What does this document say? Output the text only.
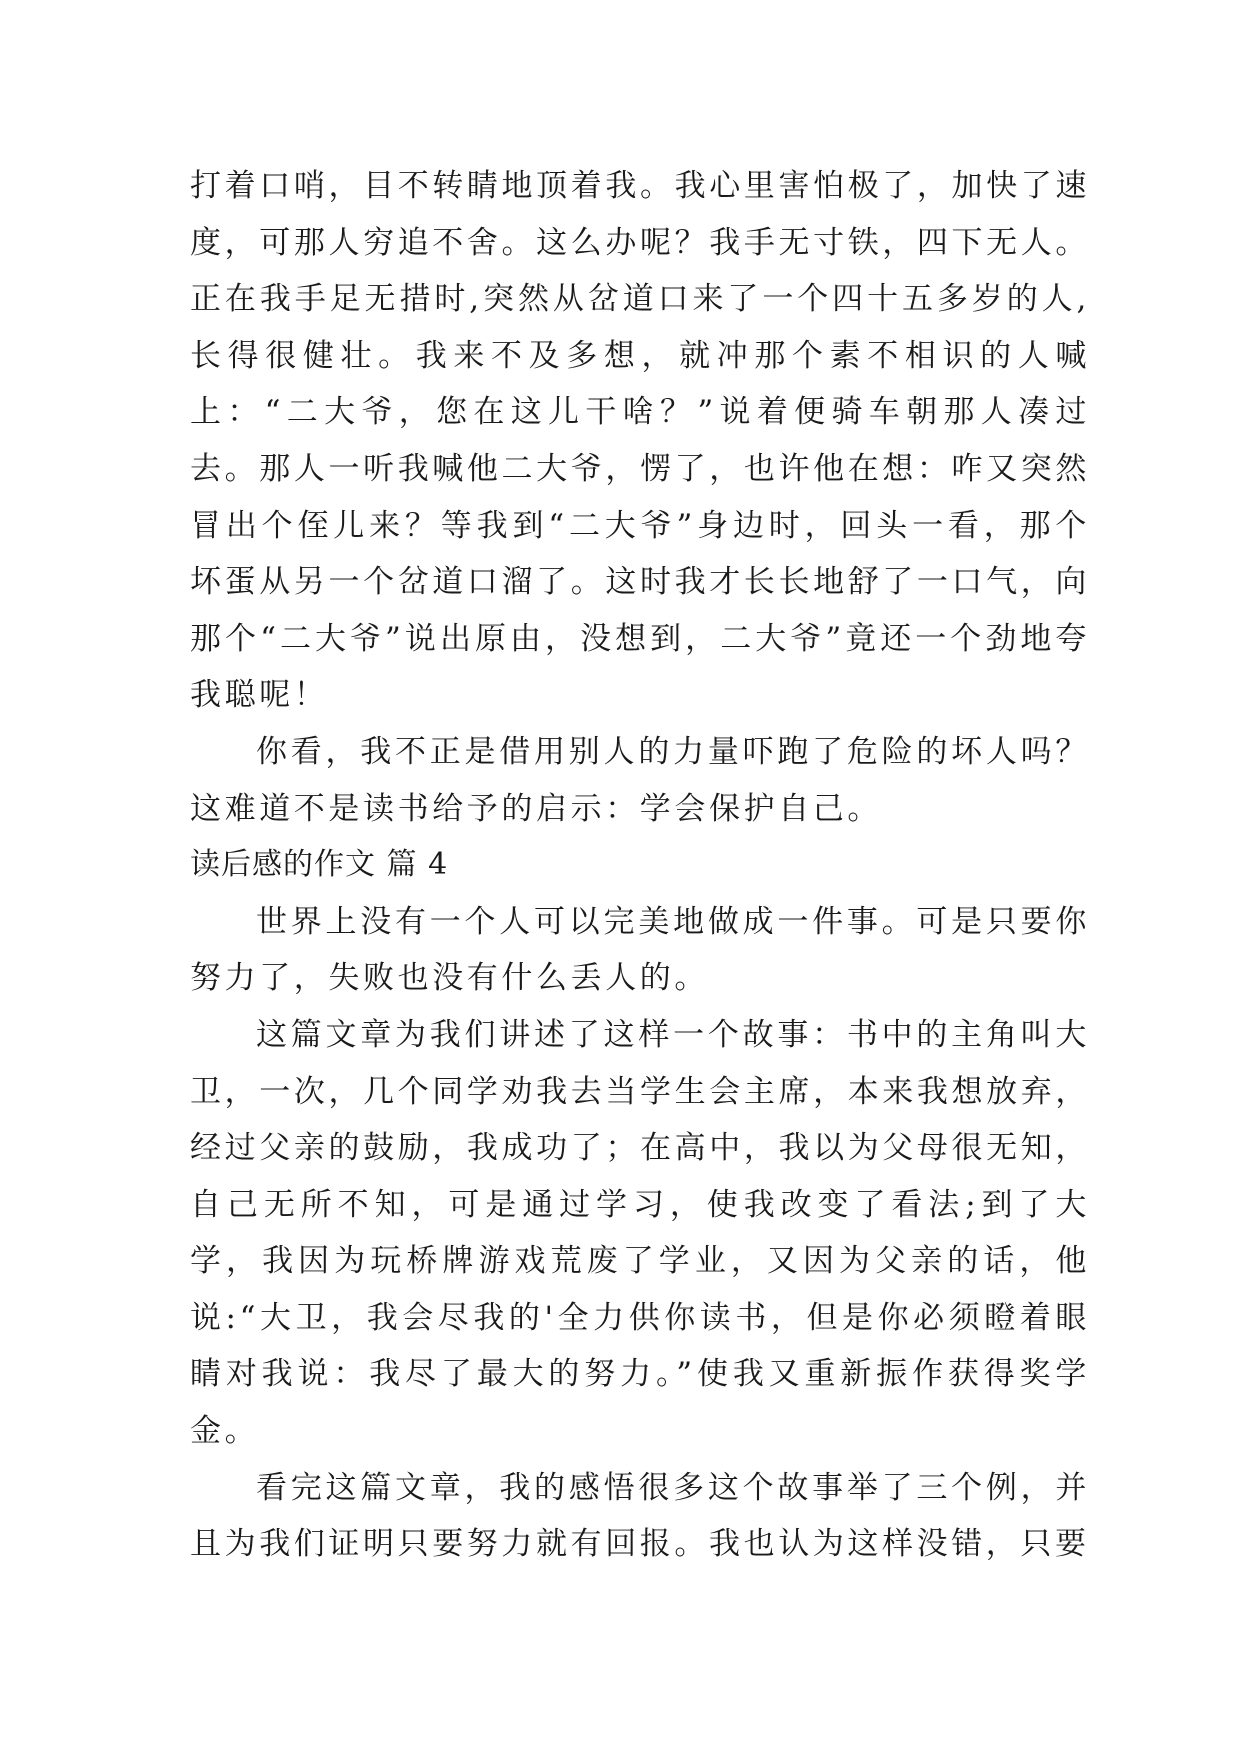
打着口哨，目不转睛地顶着我。我心里害怕极了，加快了速度，可那人穷追不舍。这么办呢？我手无寸铁，四下无人。正在我手足无措时,突然从岔道口来了一个四十五多岁的人,长得很健壮。我来不及多想，就冲那个素不相识的人喊上：“二大爷，您在这儿干啥？”说着便骑车朝那人凑过去。那人一听我喊他二大爷，愣了，也许他在想：咋又突然冒出个侄儿来？等我到“二大爷”身边时，回头一看，那个坏蛋从另一个岔道口溜了。这时我才长长地舒了一口气，向那个“二大爷”说出原由，没想到，二大爷”竟还一个劲地夸我聪呢！

你看，我不正是借用别人的力量吓跑了危险的坏人吗？这难道不是读书给予的启示：学会保护自己。

读后感的作文 篇 4

世界上没有一个人可以完美地做成一件事。可是只要你努力了，失败也没有什么丢人的。

这篇文章为我们讲述了这样一个故事：书中的主角叫大卫，一次，几个同学劝我去当学生会主席，本来我想放弃，经过父亲的鼓励，我成功了；在高中，我以为父母很无知，自己无所不知，可是通过学习，使我改变了看法;到了大学，我因为玩桥牌游戏荒废了学业，又因为父亲的话，他说:“大卫，我会尽我的'全力供你读书，但是你必须瞪着眼睛对我说：我尽了最大的努力。”使我又重新振作获得奖学金。

看完这篇文章，我的感悟很多这个故事举了三个例，并且为我们证明只要努力就有回报。我也认为这样没错，只要
